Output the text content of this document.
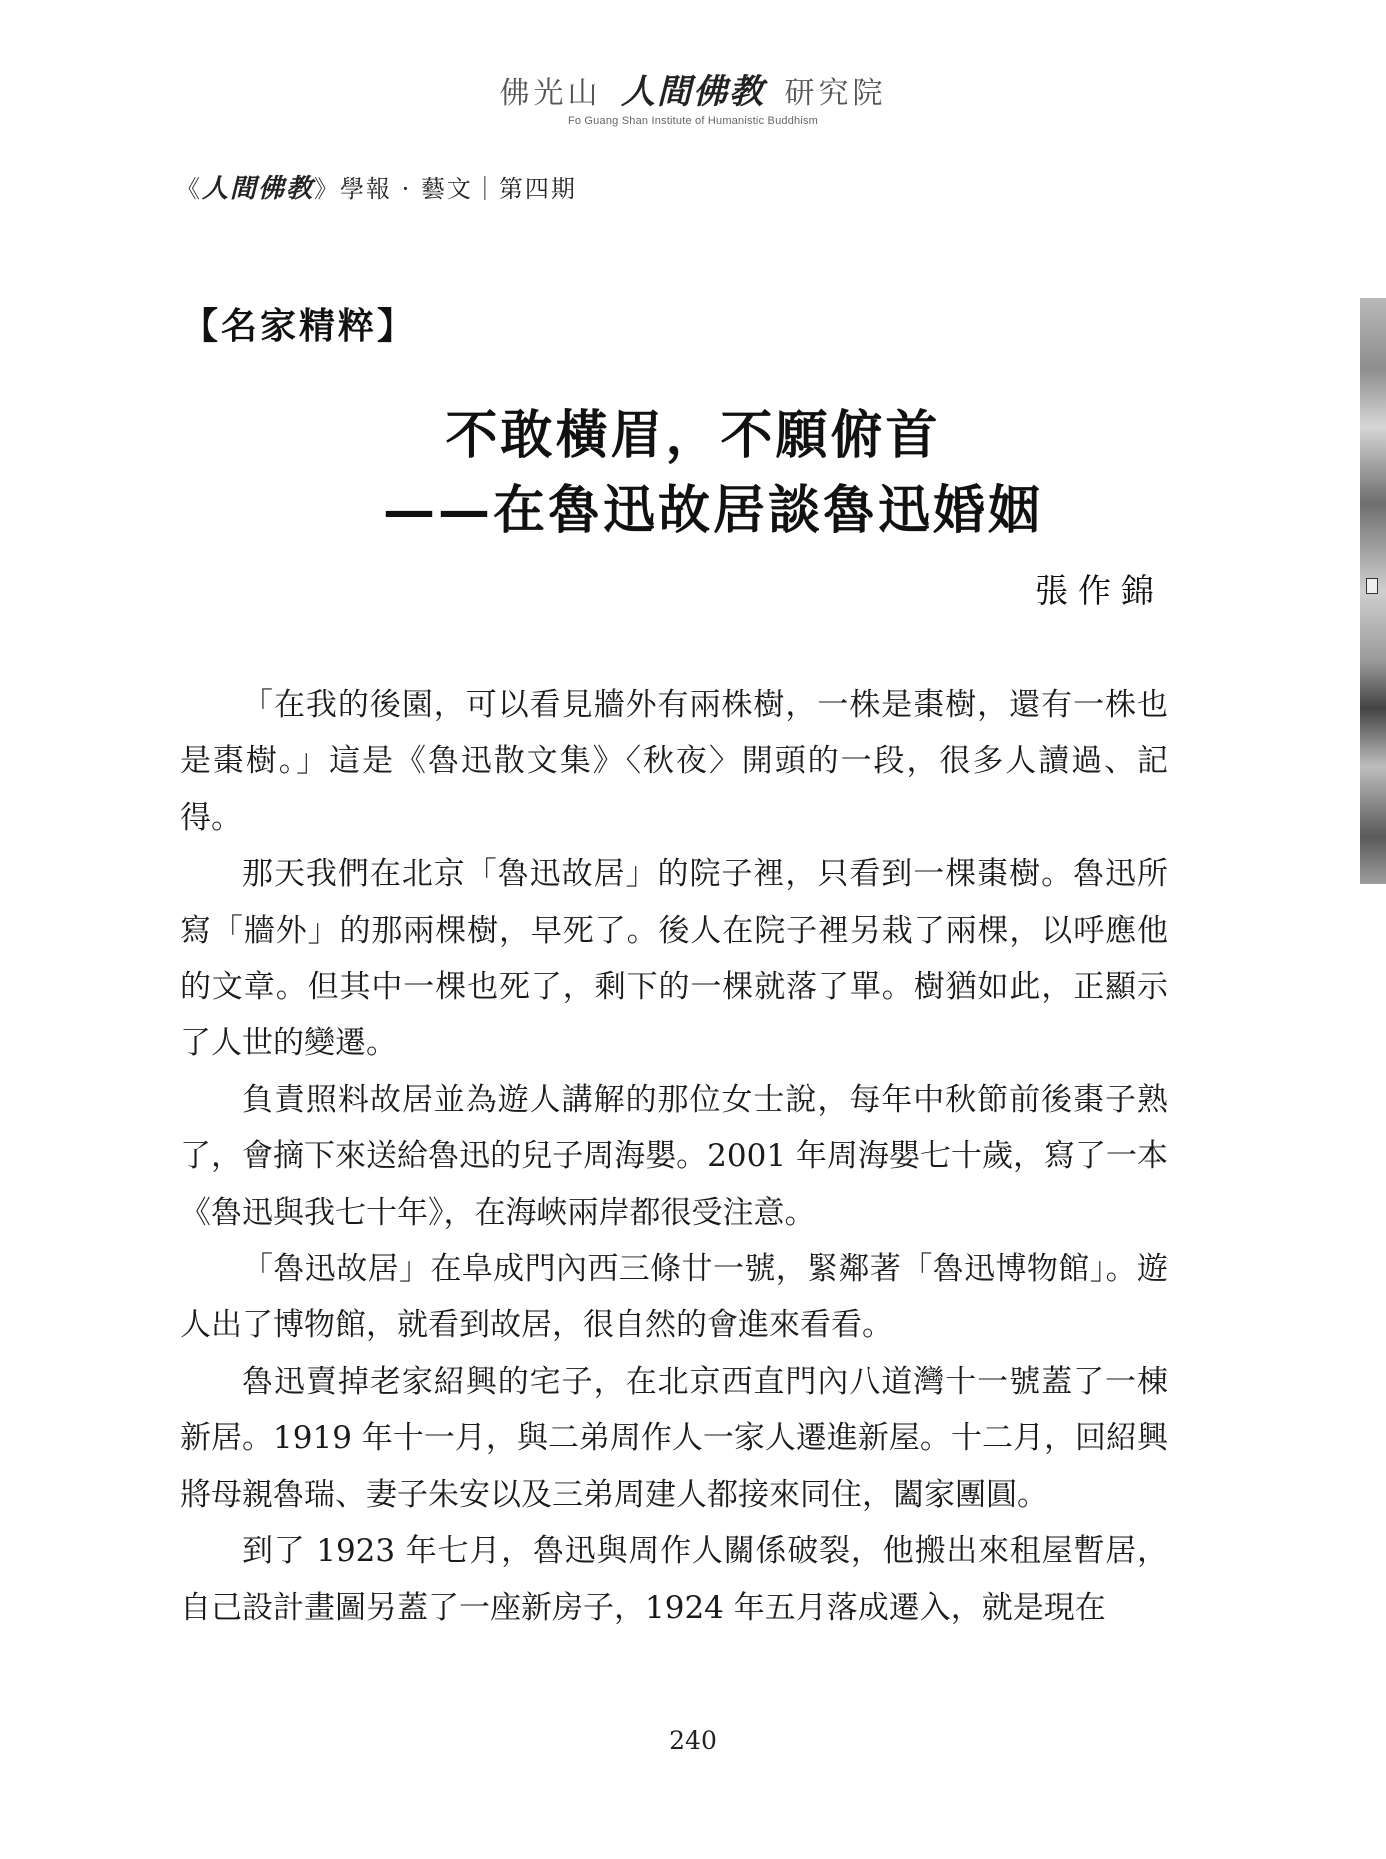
佛光山 人間佛教 研究院
Fo Guang Shan Institute of Humanistic Buddhism
《人間佛教》學報 · 藝文｜第四期
【名家精粹】
不敢橫眉，不願俯首
——在魯迅故居談魯迅婚姻
張作錦

「在我的後園，可以看見牆外有兩株樹，一株是棗樹，還有一株也是棗樹。」這是《魯迅散文集》〈秋夜〉開頭的一段，很多人讀過、記得。

那天我們在北京「魯迅故居」的院子裡，只看到一棵棗樹。魯迅所寫「牆外」的那兩棵樹，早死了。後人在院子裡另栽了兩棵，以呼應他的文章。但其中一棵也死了，剩下的一棵就落了單。樹猶如此，正顯示了人世的變遷。

負責照料故居並為遊人講解的那位女士說，每年中秋節前後棗子熟了，會摘下來送給魯迅的兒子周海嬰。2001 年周海嬰七十歲，寫了一本《魯迅與我七十年》，在海峽兩岸都很受注意。

「魯迅故居」在阜成門內西三條廿一號，緊鄰著「魯迅博物館」。遊人出了博物館，就看到故居，很自然的會進來看看。

魯迅賣掉老家紹興的宅子，在北京西直門內八道灣十一號蓋了一棟新居。1919 年十一月，與二弟周作人一家人遷進新屋。十二月，回紹興將母親魯瑞、妻子朱安以及三弟周建人都接來同住，闔家團圓。

到了 1923 年七月，魯迅與周作人關係破裂，他搬出來租屋暫居，自己設計畫圖另蓋了一座新房子，1924 年五月落成遷入，就是現在

240
